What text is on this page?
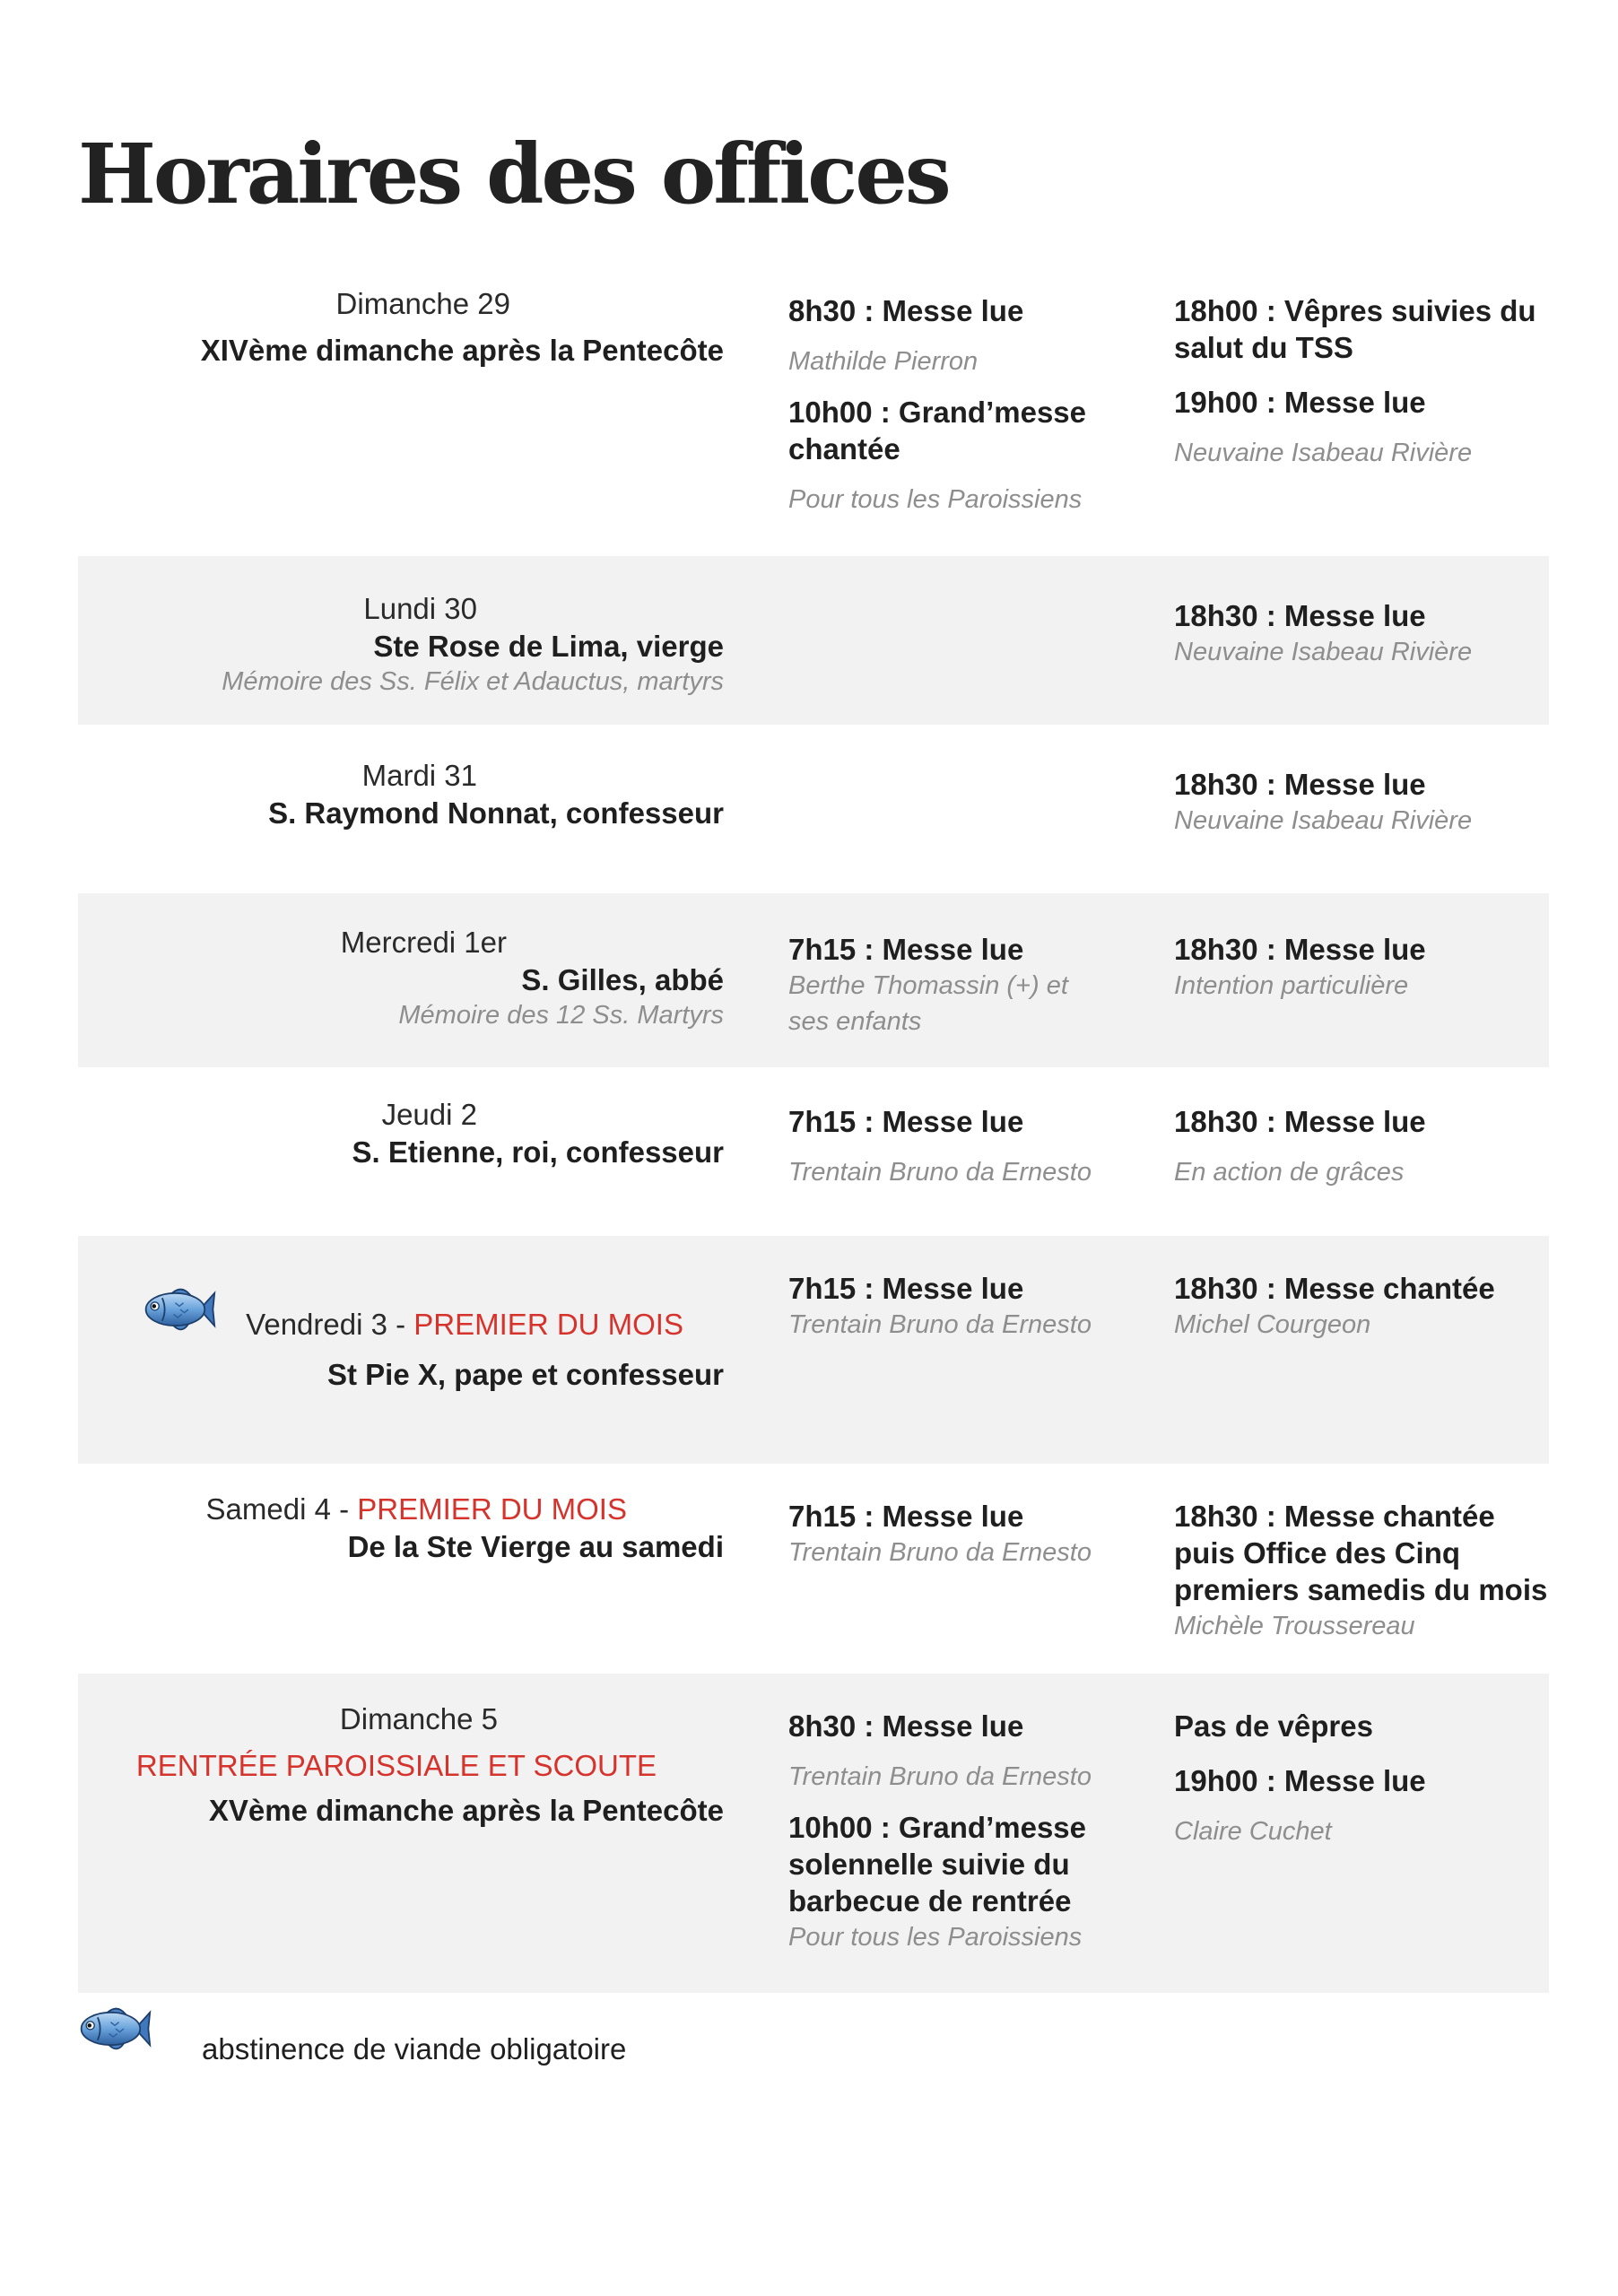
Horaires des offices
Dimanche 29
XIVème dimanche après la Pentecôte
8h30 : Messe lue
Mathilde Pierron
10h00 : Grand’messe chantée
Pour tous les Paroissiens
18h00 : Vêpres suivies du salut du TSS
19h00 : Messe lue
Neuvaine Isabeau Rivière
Lundi 30
Ste Rose de Lima, vierge
Mémoire des Ss. Félix et Adauctus, martyrs
18h30 : Messe lue
Neuvaine Isabeau Rivière
Mardi 31
S. Raymond Nonnat, confesseur
18h30 : Messe lue
Neuvaine Isabeau Rivière
Mercredi 1er
S. Gilles, abbé
Mémoire des 12 Ss. Martyrs
7h15 : Messe lue
Berthe Thomassin (+) et ses enfants
18h30 : Messe lue
Intention particulière
Jeudi 2
S. Etienne, roi, confesseur
7h15 : Messe lue
Trentain Bruno da Ernesto
18h30 : Messe lue
En action de grâces
Vendredi 3 - PREMIER DU MOIS
St Pie X, pape et confesseur
7h15 : Messe lue
Trentain Bruno da Ernesto
18h30 : Messe chantée
Michel Courgeon
Samedi 4 - PREMIER DU MOIS
De la Ste Vierge au samedi
7h15 : Messe lue
Trentain Bruno da Ernesto
18h30 : Messe chantée puis Office des Cinq premiers samedis du mois
Michèle Troussereau
Dimanche 5
RENTRÉE PAROISSIALE ET SCOUTE
XVème dimanche après la Pentecôte
8h30 : Messe lue
Trentain Bruno da Ernesto
10h00 : Grand’messe solennelle suivie du barbecue de rentrée
Pour tous les Paroissiens
Pas de vêpres
19h00 : Messe lue
Claire Cuchet
abstinence de viande obligatoire
